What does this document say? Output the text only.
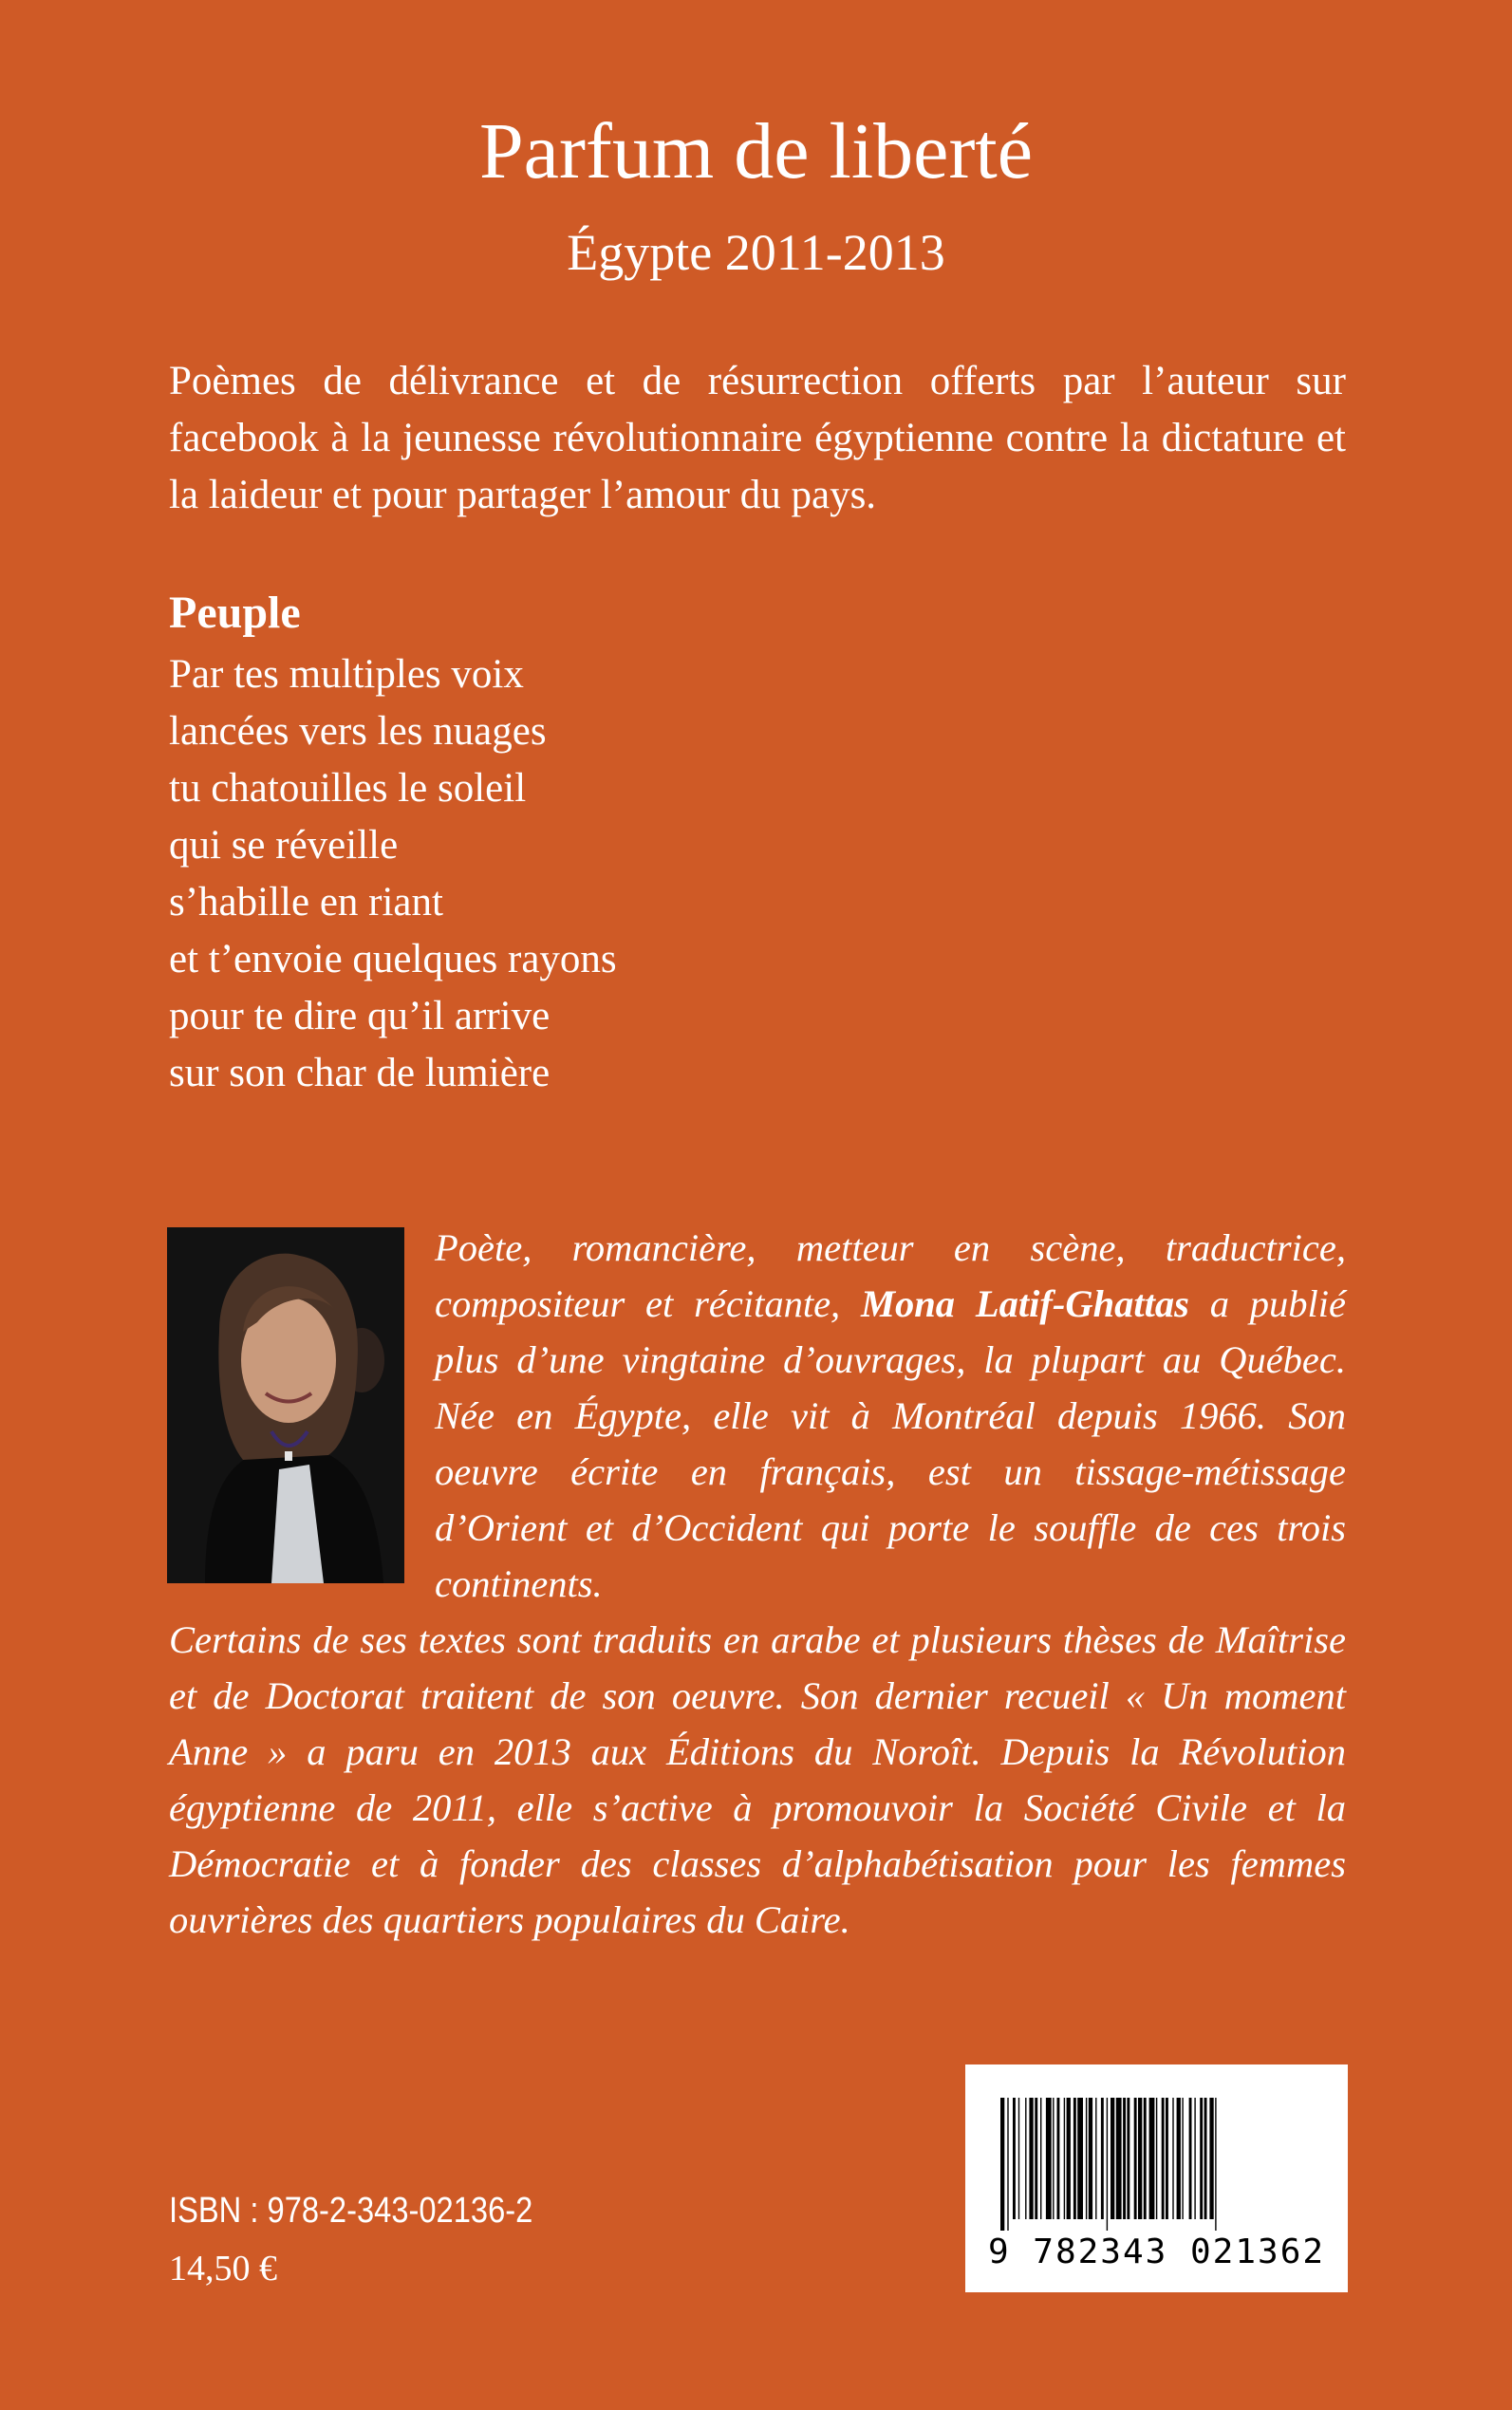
Parfum de liberté
Égypte 2011-2013

Poèmes de délivrance et de résurrection offerts par l’auteur sur facebook à la jeunesse révolutionnaire égyptienne contre la dictature et la laideur et pour partager l’amour du pays.

Peuple
Par tes multiples voix
lancées vers les nuages
tu chatouilles le soleil
qui se réveille
s’habille en riant
et t’envoie quelques rayons
pour te dire qu’il arrive
sur son char de lumière

Poète, romancière, metteur en scène, traductrice, compositeur et récitante, Mona Latif-Ghattas a publié plus d’une vingtaine d’ouvrages, la plupart au Québec. Née en Égypte, elle vit à Montréal depuis 1966. Son oeuvre écrite en français, est un tissage-métissage d’Orient et d’Occident qui porte le souffle de ces trois continents.

Certains de ses textes sont traduits en arabe et plusieurs thèses de Maîtrise et de Doctorat traitent de son oeuvre. Son dernier recueil « Un moment Anne » a paru en 2013 aux Éditions du Noroît. Depuis la Révolution égyptienne de 2011, elle s’active à promouvoir la Société Civile et la Démocratie et à fonder des classes d’alphabétisation pour les femmes ouvrières des quartiers populaires du Caire.

9 782343 021362
ISBN : 978-2-343-02136-2
14,50 €
